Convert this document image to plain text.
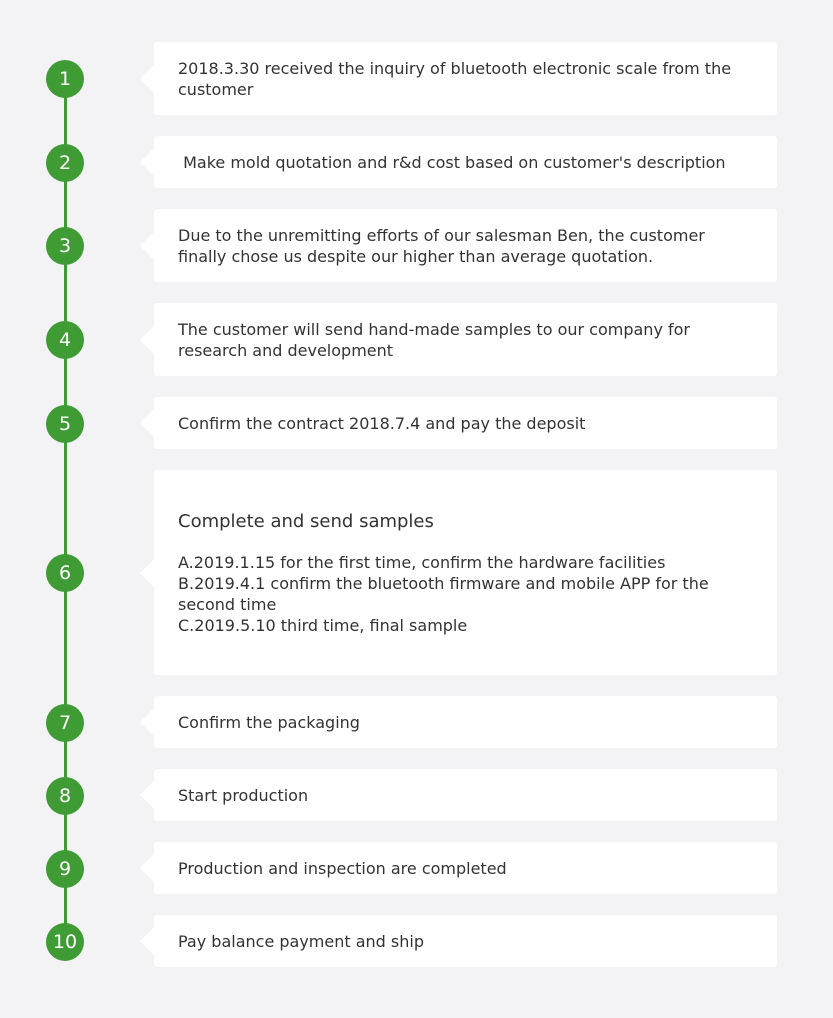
1	2018.3.30 received the inquiry of bluetooth electronic scale from the customer
2	Make mold quotation and r&d cost based on customer's description
3	Due to the unremitting efforts of our salesman Ben, the customer finally chose us despite our higher than average quotation.
4	The customer will send hand-made samples to our company for research and development
5	Confirm the contract 2018.7.4 and pay the deposit
6
Complete and send samples
A.2019.1.15 for the first time, confirm the hardware facilities
B.2019.4.1 confirm the bluetooth firmware and mobile APP for the second time
C.2019.5.10 third time, final sample
7	Confirm the packaging
8	Start production
9	Production and inspection are completed
10	Pay balance payment and ship
